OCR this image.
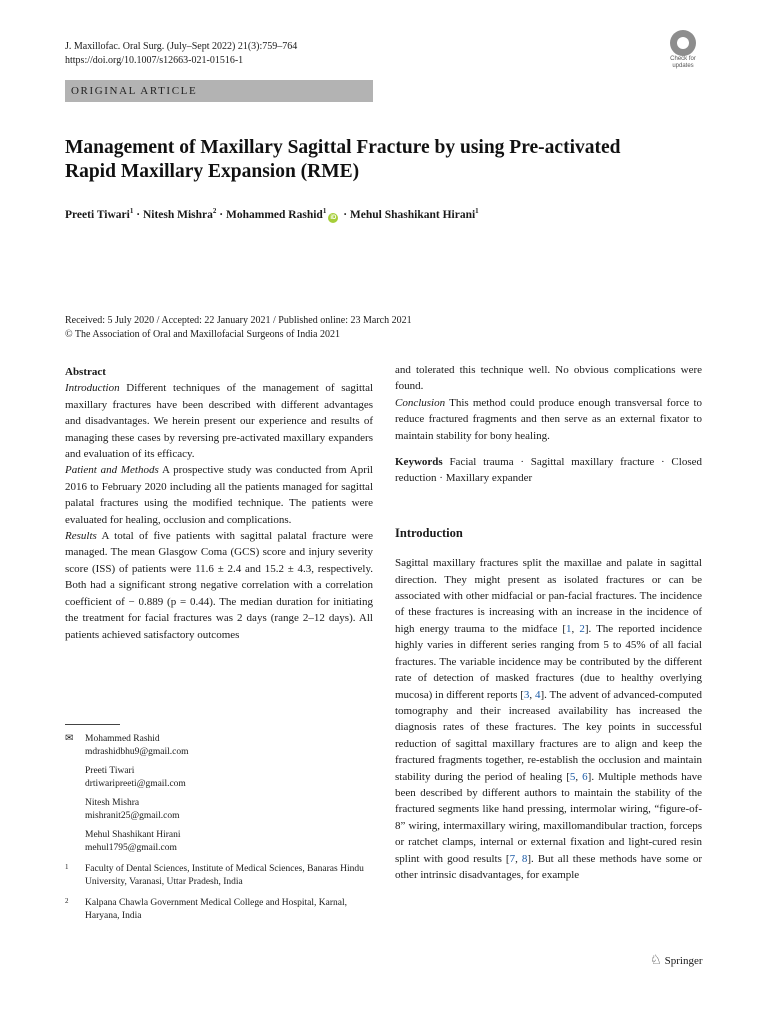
J. Maxillofac. Oral Surg. (July–Sept 2022) 21(3):759–764
https://doi.org/10.1007/s12663-021-01516-1	Check for
updates
ORIGINAL ARTICLE
Management of Maxillary Sagittal Fracture by using Pre-activated Rapid Maxillary Expansion (RME)
Preeti Tiwari$^1$ · Nitesh Mishra$^2$ · Mohammed Rashid$^1$iD · Mehul Shashikant Hirani$^1$
Received: 5 July 2020 / Accepted: 22 January 2021 / Published online: 23 March 2021
© The Association of Oral and Maxillofacial Surgeons of India 2021

Abstract

Introduction Different techniques of the management of sagittal maxillary fractures have been described with different advantages and disadvantages. We herein present our experience and results of managing these cases by reversing pre-activated maxillary expanders and evaluation of its efficacy.

Patient and Methods A prospective study was conducted from April 2016 to February 2020 including all the patients managed for sagittal palatal fractures using the modified technique. The patients were evaluated for healing, occlusion and complications.

Results A total of five patients with sagittal palatal fracture were managed. The mean Glasgow Coma (GCS) score and injury severity score (ISS) of patients were 11.6 ± 2.4 and 15.2 ± 4.3, respectively. Both had a significant strong negative correlation with a correlation coefficient of − 0.889 (p = 0.44). The median duration for initiating the treatment for facial fractures was 2 days (range 2–12 days). All patients achieved satisfactory outcomes

✉ Mohammed Rashid
mdrashidbhu9@gmail.com
Preeti Tiwari
drtiwaripreeti@gmail.com
Nitesh Mishra
mishranit25@gmail.com
Mehul Shashikant Hirani
mehul1795@gmail.com
1 Faculty of Dental Sciences, Institute of Medical Sciences, Banaras Hindu University, Varanasi, Uttar Pradesh, India
2 Kalpana Chawla Government Medical College and Hospital, Karnal, Haryana, India

and tolerated this technique well. No obvious complications were found.

Conclusion This method could produce enough transversal force to reduce fractured fragments and then serve as an external fixator to maintain stability for bony healing.

Keywords Facial trauma · Sagittal maxillary fracture · Closed reduction · Maxillary expander

Introduction

Sagittal maxillary fractures split the maxillae and palate in sagittal direction. They might present as isolated fractures or can be associated with other midfacial or pan-facial fractures. The incidence of these fractures is increasing with an increase in the incidence of high energy trauma to the midface [1, 2]. The reported incidence highly varies in different series ranging from 5 to 45% of all facial fractures. The variable incidence may be contributed by the different rate of detection of masked fractures (due to healthy overlying mucosa) in different reports [3, 4]. The advent of advanced-computed tomography and their increased availability has increased the diagnosis rates of these fractures. The key points in successful reduction of sagittal maxillary fractures are to align and keep the fractured fragments together, re-establish the occlusion and maintain stability during the period of healing [5, 6]. Multiple methods have been described by different authors to maintain the stability of the fractured segments like hand pressing, intermolar wiring, “figure-of-8” wiring, intermaxillary wiring, maxillomandibular traction, forceps or ratchet clamps, internal or external fixation and light-cured resin splint with good results [7, 8]. But all these methods have some or other intrinsic disadvantages, for example

♘ Springer
